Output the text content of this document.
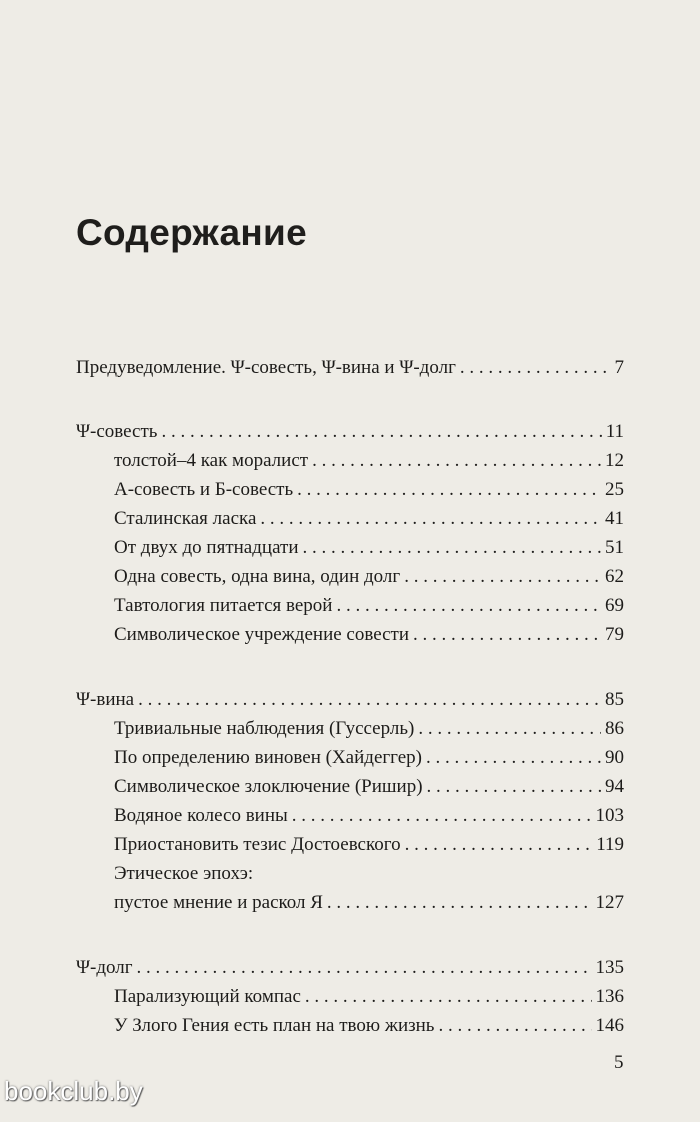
Содержание
Предуведомление. Ψ-совесть, Ψ-вина и Ψ-долг . . .	7
Ψ-совесть . . .	11
толстой–4 как моралист . . .	12
А-совесть и Б-совесть . . .	25
Сталинская ласка . . .	41
От двух до пятнадцати . . .	51
Одна совесть, одна вина, один долг . . .	62
Тавтология питается верой . . .	69
Символическое учреждение совести . . .	79
Ψ-вина . . .	85
Тривиальные наблюдения (Гуссерль) . . .	86
По определению виновен (Хайдеггер) . . .	90
Символическое злоключение (Ришир) . . .	94
Водяное колесо вины . . .	103
Приостановить тезис Достоевского . . .	119
Этическое эпохэ:
пустое мнение и раскол Я . . .	127
Ψ-долг . . .	135
Парализующий компас . . .	136
У Злого Гения есть план на твою жизнь . . .	146
5
bookclub.by
